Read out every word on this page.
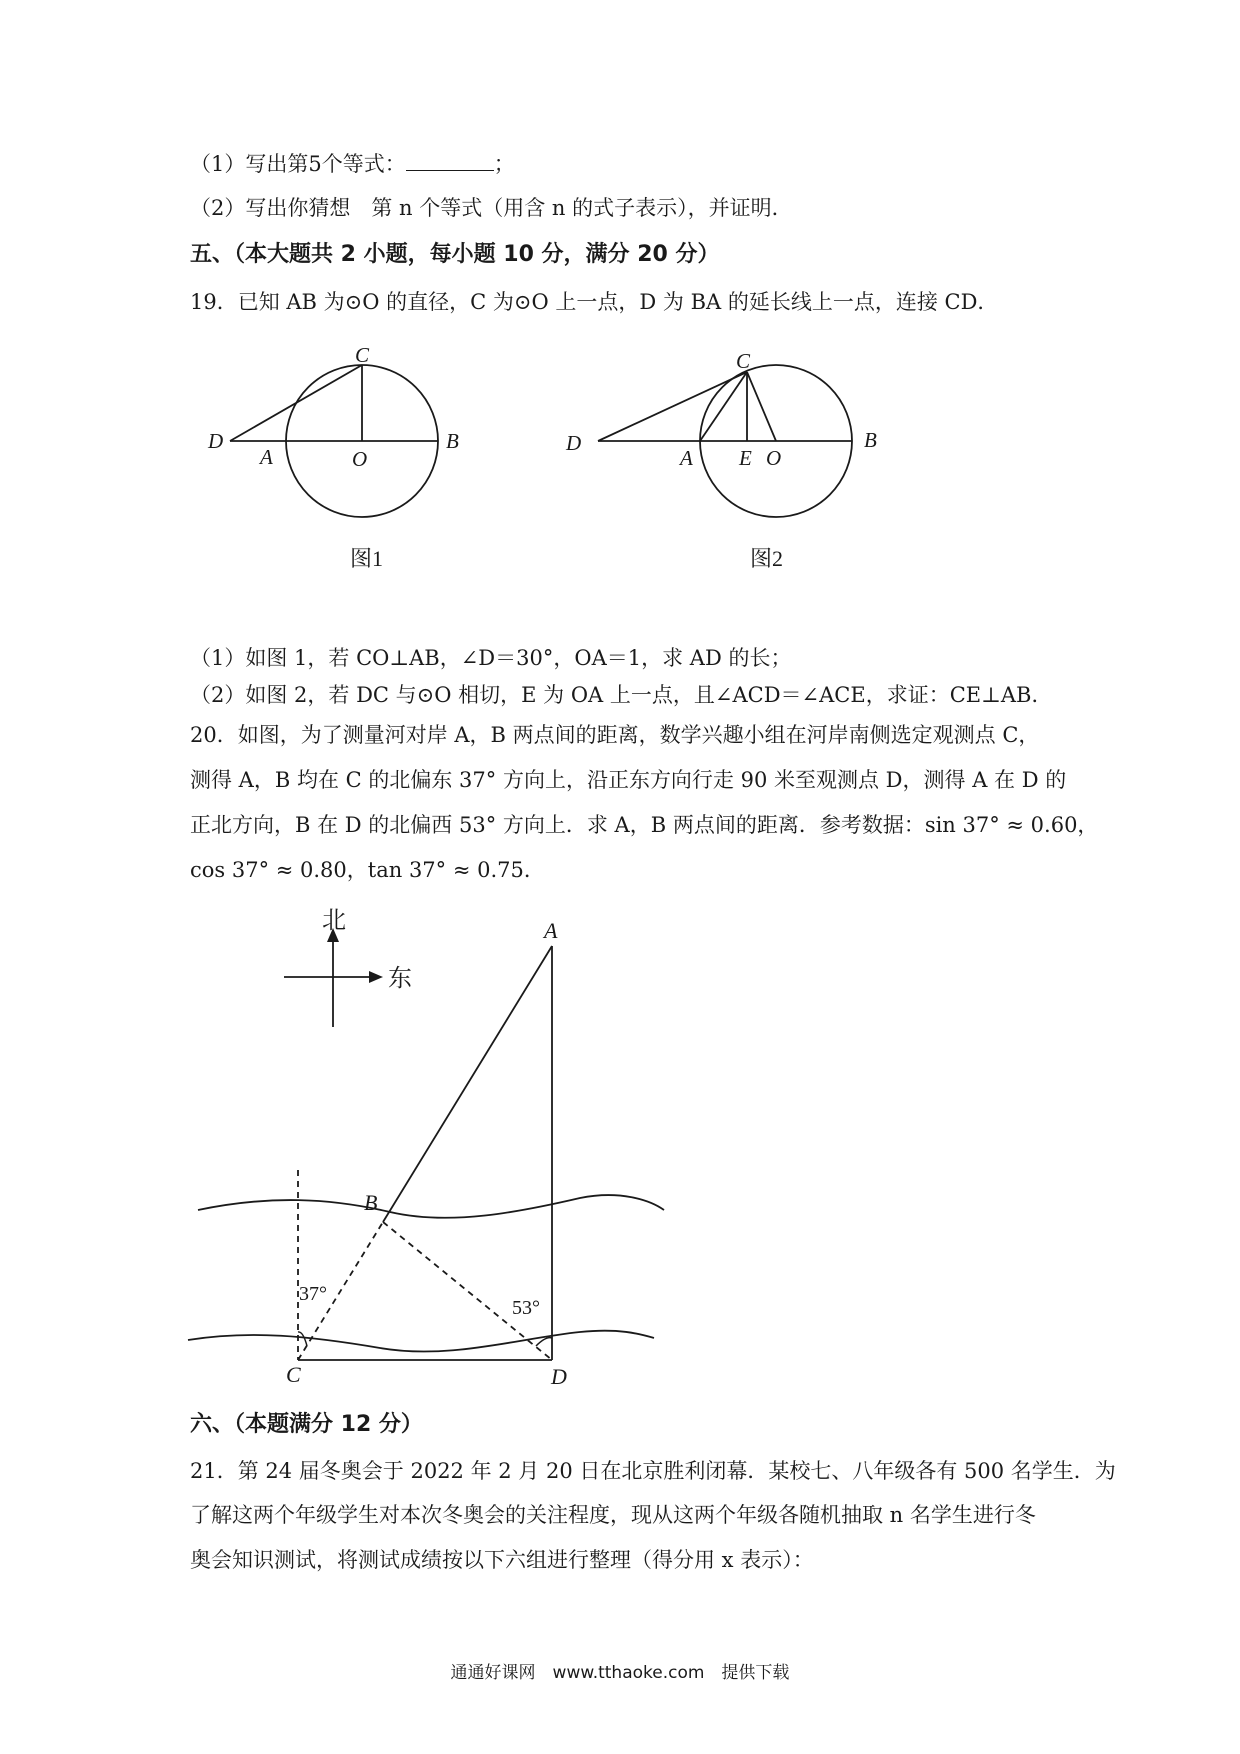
（1）写出第5个等式：	；
（2）写出你猜想　第 n 个等式（用含 n 的式子表示），并证明．
五、（本大题共 2 小题，每小题 10 分，满分 20 分）
19．已知 AB 为⊙O 的直径，C 为⊙O 上一点，D 为 BA 的延长线上一点，连接 CD．
C
D
A	O
B
图1
C
D
A E O
B
图2
北
东
A
B
C	D
37°
53°
（1）如图 1，若 CO⊥AB，∠D＝30°，OA＝1，求 AD 的长；
（2）如图 2，若 DC 与⊙O 相切，E 为 OA 上一点，且∠ACD＝∠ACE，求证：CE⊥AB．
20．如图，为了测量河对岸 A，B 两点间的距离，数学兴趣小组在河岸南侧选定观测点 C，
测得 A，B 均在 C 的北偏东 37° 方向上，沿正东方向行走 90 米至观测点 D，测得 A 在 D 的
正北方向，B 在 D 的北偏西 53° 方向上．求 A，B 两点间的距离．参考数据：sin 37° ≈ 0.60，
cos 37° ≈ 0.80，tan 37° ≈ 0.75．
六、（本题满分 12 分）
21．第 24 届冬奥会于 2022 年 2 月 20 日在北京胜利闭幕．某校七、八年级各有 500 名学生．为
了解这两个年级学生对本次冬奥会的关注程度，现从这两个年级各随机抽取 n 名学生进行冬
奥会知识测试，将测试成绩按以下六组进行整理（得分用 x 表示）：
通通好课网　www.tthaoke.com　提供下载
